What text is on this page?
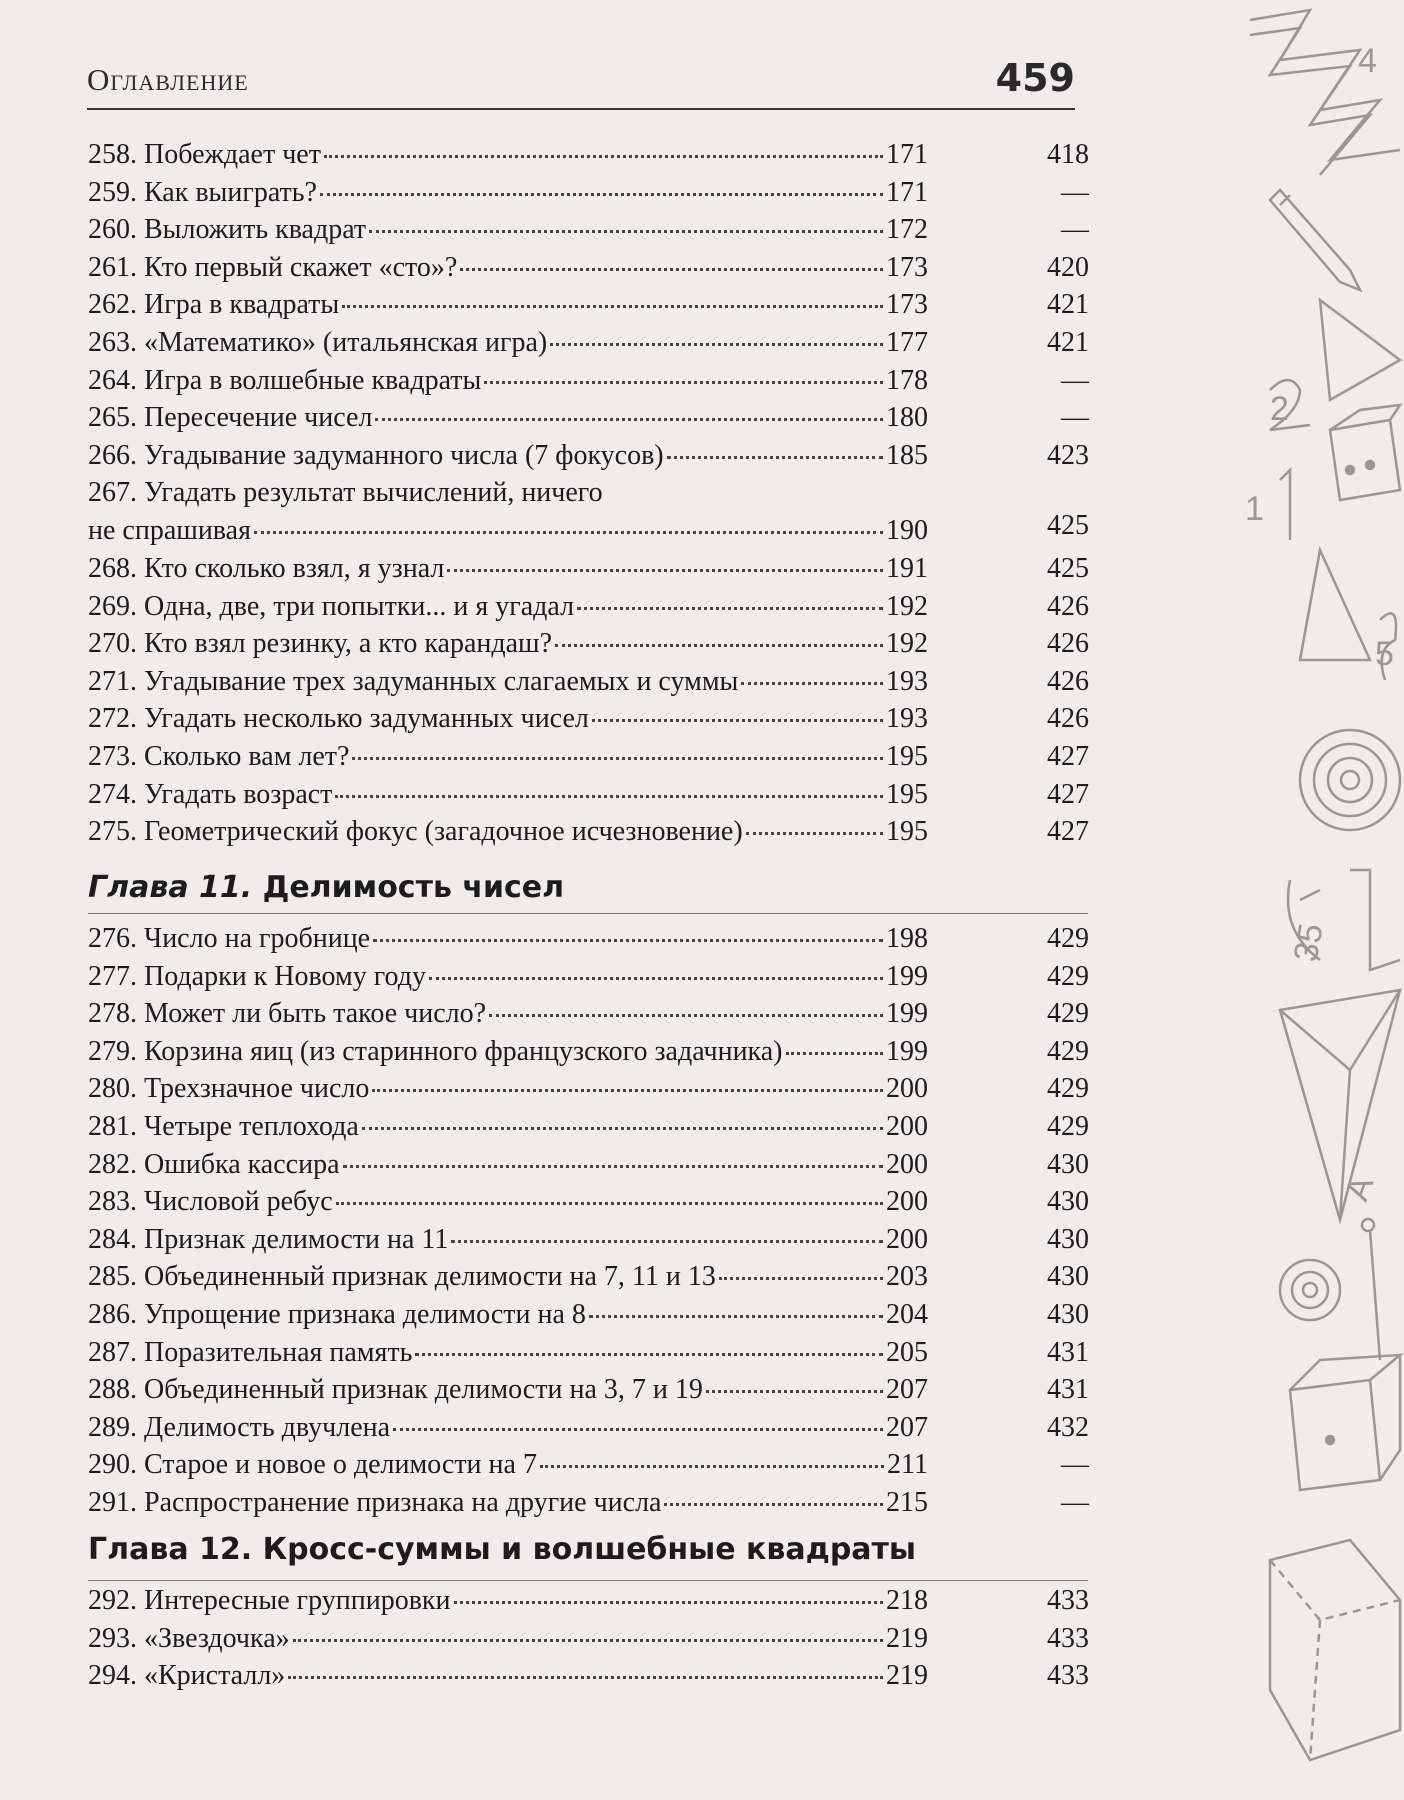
Оглавление	459
258. Побеждает чет	171	418
259. Как выиграть?	171	—
260. Выложить квадрат	172	—
261. Кто первый скажет «сто»?	173	420
262. Игра в квадраты	173	421
263. «Математико» (итальянская игра)	177	421
264. Игра в волшебные квадраты	178	—
265. Пересечение чисел	180	—
266. Угадывание задуманного числа (7 фокусов)	185	423
267. Угадать результат вычислений, ничего
не спрашивая	190	425
268. Кто сколько взял, я узнал	191	425
269. Одна, две, три попытки... и я угадал	192	426
270. Кто взял резинку, а кто карандаш?	192	426
271. Угадывание трех задуманных слагаемых и суммы	193	426
272. Угадать несколько задуманных чисел	193	426
273. Сколько вам лет?	195	427
274. Угадать возраст	195	427
275. Геометрический фокус (загадочное исчезновение)	195	427
Глава 11. Делимость чисел
276. Число на гробнице	198	429
277. Подарки к Новому году	199	429
278. Может ли быть такое число?	199	429
279. Корзина яиц (из старинного французского задачника)	199	429
280. Трехзначное число	200	429
281. Четыре теплохода	200	429
282. Ошибка кассира	200	430
283. Числовой ребус	200	430
284. Признак делимости на 11	200	430
285. Объединенный признак делимости на 7, 11 и 13	203	430
286. Упрощение признака делимости на 8	204	430
287. Поразительная память	205	431
288. Объединенный признак делимости на 3, 7 и 19	207	431
289. Делимость двучлена	207	432
290. Старое и новое о делимости на 7	211	—
291. Распространение признака на другие числа	215	—
Глава 12. Кросс-суммы и волшебные квадраты
292. Интересные группировки	218	433
293. «Звездочка»	219	433
294. «Кристалл»	219	433
4
2
1
5
35
A
